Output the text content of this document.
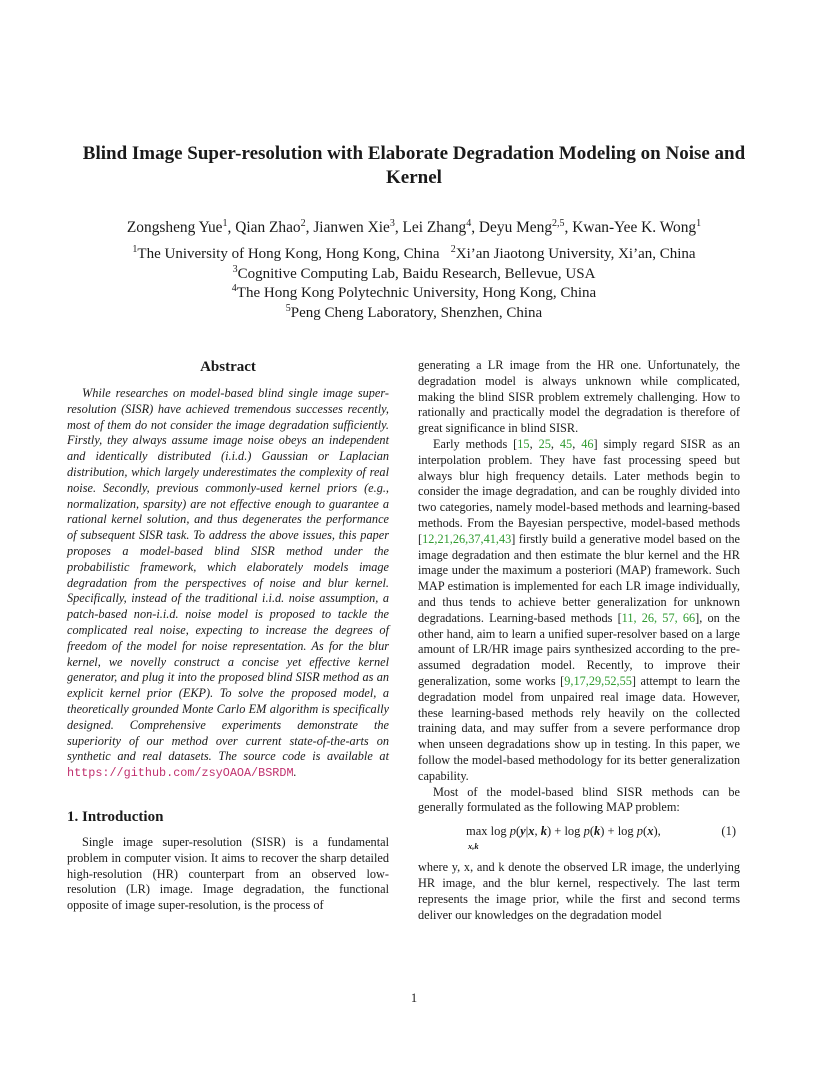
Blind Image Super-resolution with Elaborate Degradation Modeling on Noise and Kernel
Zongsheng Yue$^1$, Qian Zhao$^2$, Jianwen Xie$^3$, Lei Zhang$^4$, Deyu Meng$^{2,5}$, Kwan-Yee K. Wong$^1$
$^1$The University of Hong Kong, Hong Kong, China $^2$Xi’an Jiaotong University, Xi’an, China
$^3$Cognitive Computing Lab, Baidu Research, Bellevue, USA
$^4$The Hong Kong Polytechnic University, Hong Kong, China
$^5$Peng Cheng Laboratory, Shenzhen, China
Abstract

While researches on model-based blind single image super-resolution (SISR) have achieved tremendous successes recently, most of them do not consider the image degradation sufficiently. Firstly, they always assume image noise obeys an independent and identically distributed (i.i.d.) Gaussian or Laplacian distribution, which largely underestimates the complexity of real noise. Secondly, previous commonly-used kernel priors (e.g., normalization, sparsity) are not effective enough to guarantee a rational kernel solution, and thus degenerates the performance of subsequent SISR task. To address the above issues, this paper proposes a model-based blind SISR method under the probabilistic framework, which elaborately models image degradation from the perspectives of noise and blur kernel. Specifically, instead of the traditional i.i.d. noise assumption, a patch-based non-i.i.d. noise model is proposed to tackle the complicated real noise, expecting to increase the degrees of freedom of the model for noise representation. As for the blur kernel, we novelly construct a concise yet effective kernel generator, and plug it into the proposed blind SISR method as an explicit kernel prior (EKP). To solve the proposed model, a theoretically grounded Monte Carlo EM algorithm is specifically designed. Comprehensive experiments demonstrate the superiority of our method over current state-of-the-arts on synthetic and real datasets. The source code is available at https://github.com/zsyOAOA/BSRDM.

1. Introduction

Single image super-resolution (SISR) is a fundamental problem in computer vision. It aims to recover the sharp detailed high-resolution (HR) counterpart from an observed low-resolution (LR) image. Image degradation, the functional opposite of image super-resolution, is the process of

generating a LR image from the HR one. Unfortunately, the degradation model is always unknown while complicated, making the blind SISR problem extremely challenging. How to rationally and practically model the degradation is therefore of great significance in blind SISR.

Early methods [15, 25, 45, 46] simply regard SISR as an interpolation problem. They have fast processing speed but always blur high frequency details. Later methods begin to consider the image degradation, and can be roughly divided into two categories, namely model-based methods and learning-based methods. From the Bayesian perspective, model-based methods [12,21,26,37,41,43] firstly build a generative model based on the image degradation and then estimate the blur kernel and the HR image under the maximum a posteriori (MAP) framework. Such MAP estimation is implemented for each LR image individually, and thus tends to achieve better generalization for unknown degradations. Learning-based methods [11, 26, 57, 66], on the other hand, aim to learn a unified super-resolver based on a large amount of LR/HR image pairs synthesized according to the pre-assumed degradation model. Recently, to improve their generalization, some works [9,17,29,52,55] attempt to learn the degradation model from unpaired real image data. However, these learning-based methods rely heavily on the collected training data, and may suffer from a severe performance drop when unseen degradations show up in testing. In this paper, we follow the model-based methodology for its better generalization capability.

Most of the model-based blind SISR methods can be generally formulated as the following MAP problem:

max log p(y|x, k) + log p(k) + log p(x),
x,k
(1)

where y, x, and k denote the observed LR image, the underlying HR image, and the blur kernel, respectively. The last term represents the image prior, while the first and second terms deliver our knowledges on the degradation model

1
